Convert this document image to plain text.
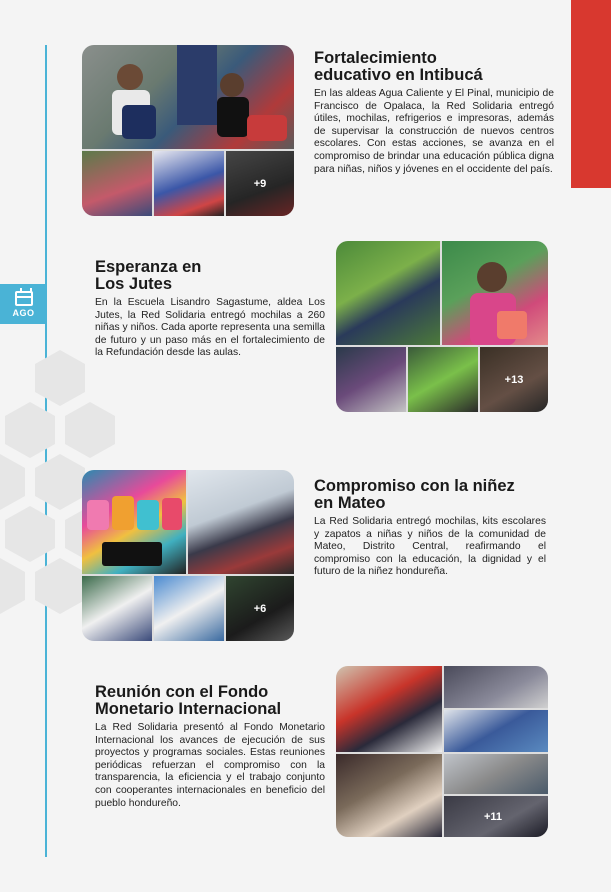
AGO
+9
Fortalecimiento
educativo en Intibucá

En las aldeas Agua Caliente y El Pinal, municipio de Francisco de Opalaca, la Red Solidaria entregó útiles, mochilas, refrigerios e impresoras, además de supervisar la construcción de nuevos centros escolares. Con estas acciones, se avanza en el compromiso de brindar una educación pública digna para niñas, niños y jóvenes en el occidente del país.

Esperanza en
Los Jutes

En la Escuela Lisandro Sagastume, aldea Los Jutes, la Red Solidaria entregó mochilas a 260 niñas y niños. Cada aporte representa una semilla de futuro y un paso más en el fortalecimiento de la Refundación desde las aulas.

+13
+6
Compromiso con la niñez
en Mateo

La Red Solidaria entregó mochilas, kits escolares y zapatos a niñas y niños de la comunidad de Mateo, Distrito Central, reafirmando el compromiso con la educación, la dignidad y el futuro de la niñez hondureña.

Reunión con el Fondo
Monetario Internacional

La Red Solidaria presentó al Fondo Monetario Internacional los avances de ejecución de sus proyectos y programas sociales. Estas reuniones periódicas refuerzan el compromiso con la transparencia, la eficiencia y el trabajo conjunto con cooperantes internacionales en beneficio del pueblo hondureño.

+11
